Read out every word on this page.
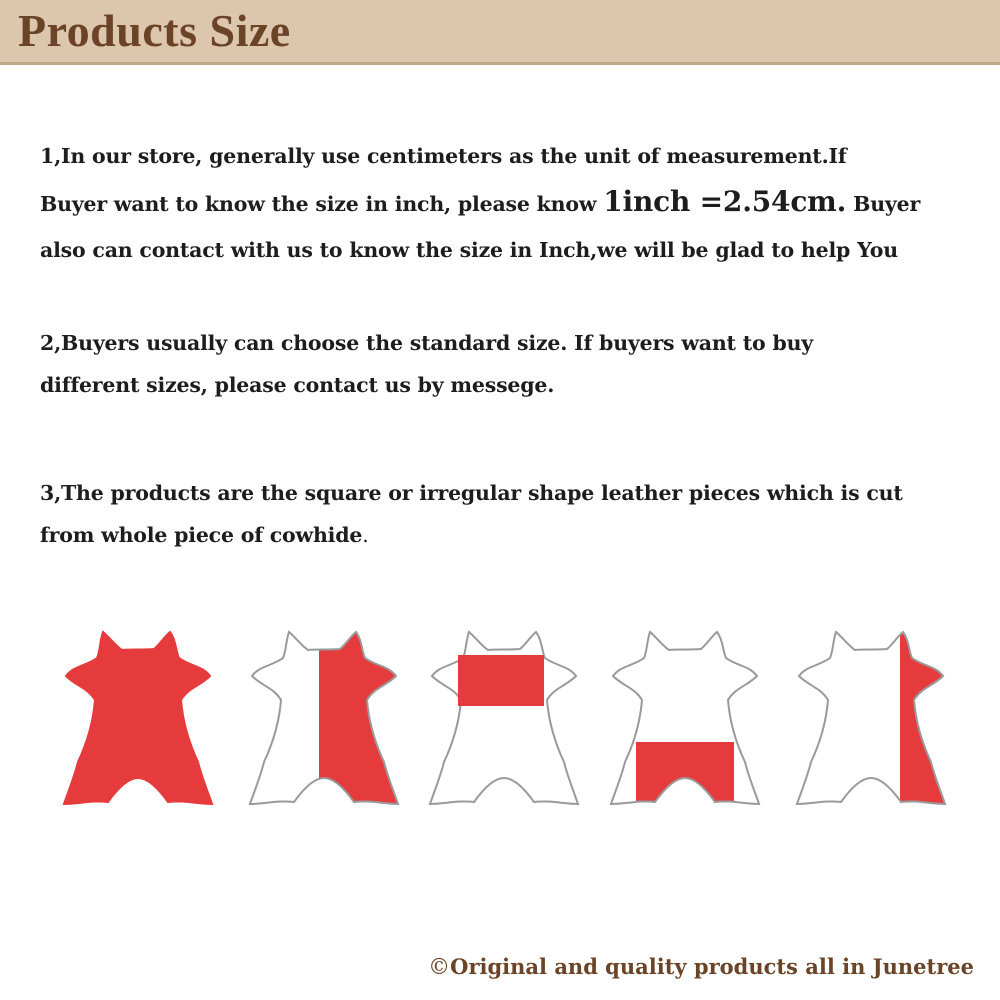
Products Size
1,In our store, generally use centimeters as the unit of measurement.If
Buyer want to know the size in inch, please know 1inch =2.54cm. Buyer
also can contact with us to know the size in Inch,we will be glad to help You
2,Buyers usually can choose the standard size. If buyers want to buy
different sizes, please contact us by messege.
3,The products are the square or irregular shape leather pieces which is cut
from whole piece of cowhide.
©Original and quality products all in Junetree
